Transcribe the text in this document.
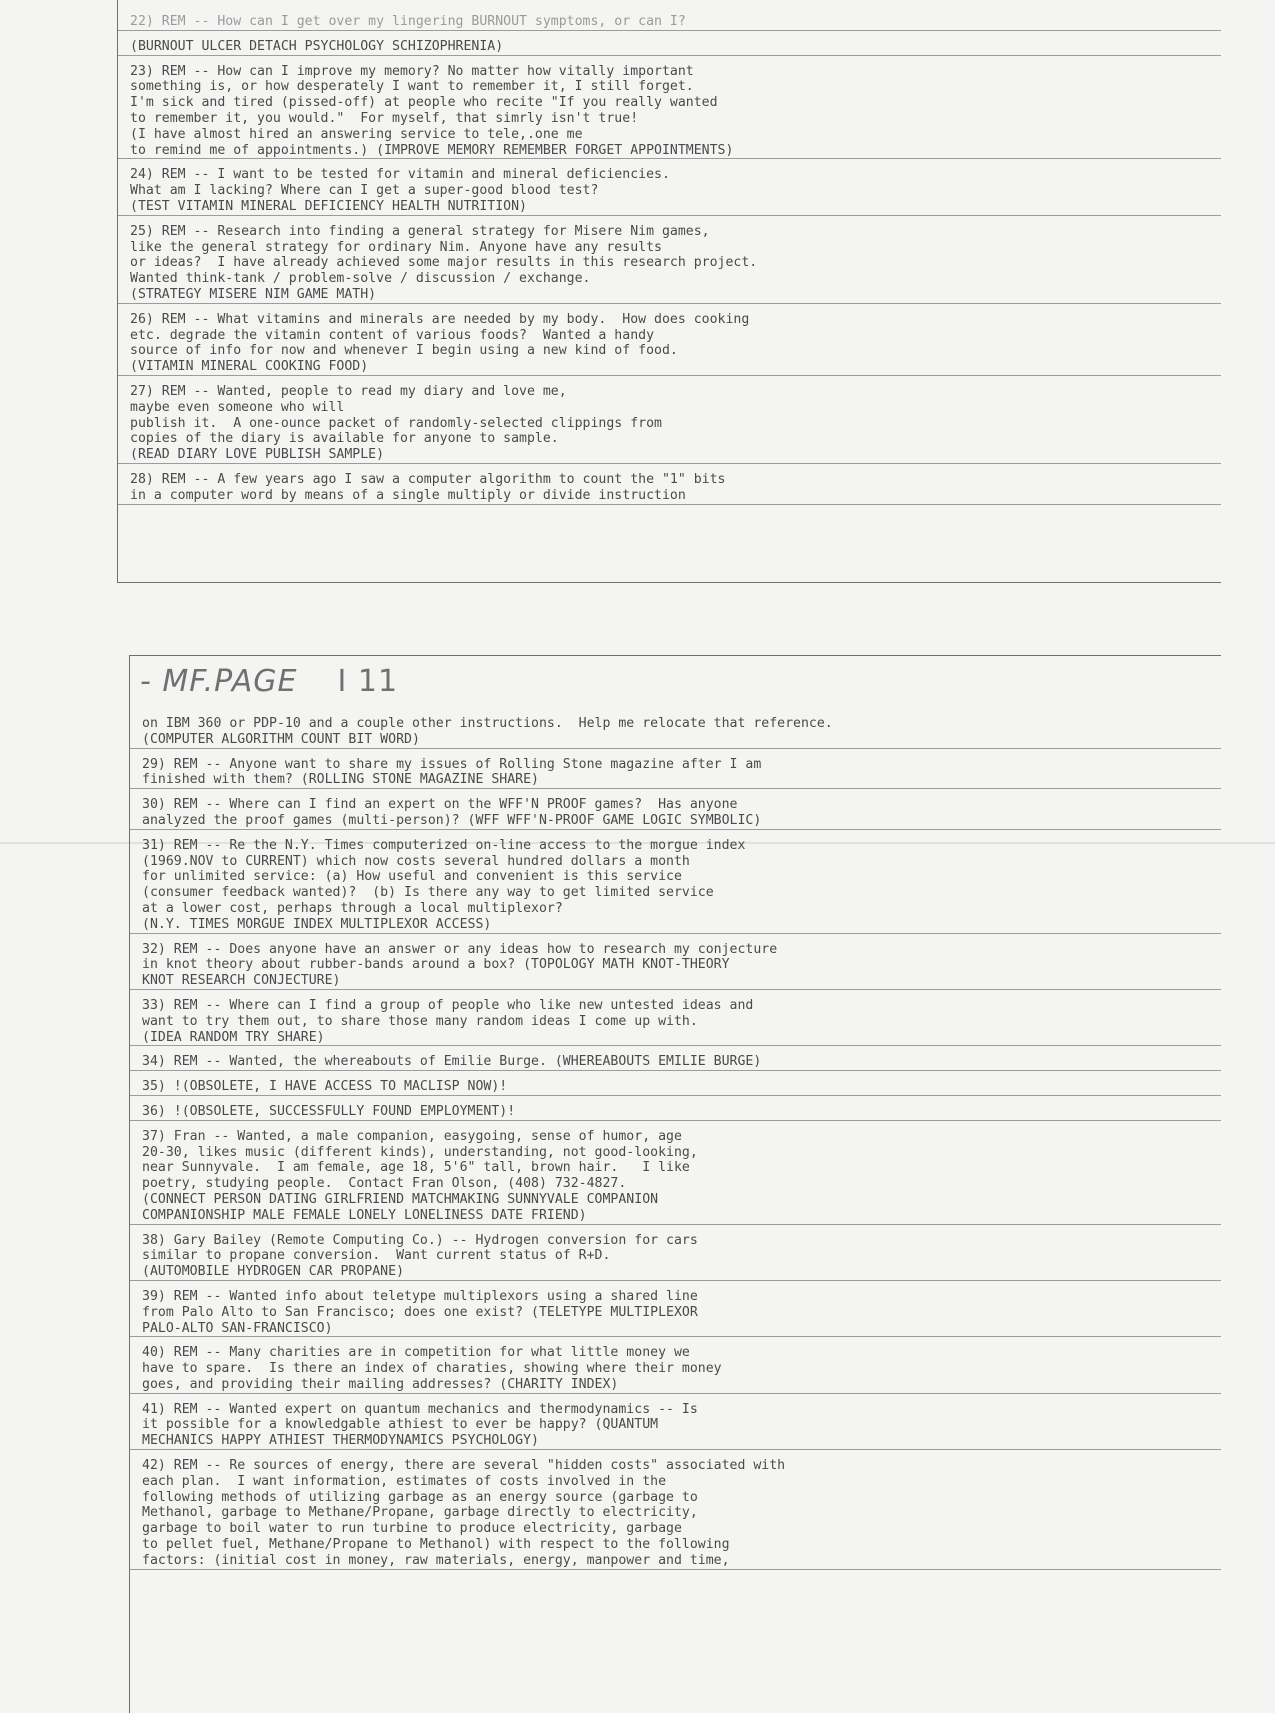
22) REM -- How can I get over my lingering BURNOUT symptoms, or can I?
(BURNOUT ULCER DETACH PSYCHOLOGY SCHIZOPHRENIA)
23) REM -- How can I improve my memory? No matter how vitally important
something is, or how desperately I want to remember it, I still forget.
I'm sick and tired (pissed-off) at people who recite "If you really wanted
to remember it, you would."  For myself, that simrly isn't true!
(I have almost hired an answering service to tele,.one me
to remind me of appointments.) (IMPROVE MEMORY REMEMBER FORGET APPOINTMENTS)
24) REM -- I want to be tested for vitamin and mineral deficiencies.
What am I lacking? Where can I get a super-good blood test?
(TEST VITAMIN MINERAL DEFICIENCY HEALTH NUTRITION)
25) REM -- Research into finding a general strategy for Misere Nim games,
like the general strategy for ordinary Nim. Anyone have any results
or ideas?  I have already achieved some major results in this research project.
Wanted think-tank / problem-solve / discussion / exchange.
(STRATEGY MISERE NIM GAME MATH)
26) REM -- What vitamins and minerals are needed by my body.  How does cooking
etc. degrade the vitamin content of various foods?  Wanted a handy
source of info for now and whenever I begin using a new kind of food.
(VITAMIN MINERAL COOKING FOOD)
27) REM -- Wanted, people to read my diary and love me,
maybe even someone who will
publish it.  A one-ounce packet of randomly-selected clippings from
copies of the diary is available for anyone to sample.
(READ DIARY LOVE PUBLISH SAMPLE)
28) REM -- A few years ago I saw a computer algorithm to count the "1" bits
in a computer word by means of a single multiply or divide instruction
- MF.PAGE I 11
on IBM 360 or PDP-10 and a couple other instructions.  Help me relocate that reference.
(COMPUTER ALGORITHM COUNT BIT WORD)
29) REM -- Anyone want to share my issues of Rolling Stone magazine after I am
finished with them? (ROLLING STONE MAGAZINE SHARE)
30) REM -- Where can I find an expert on the WFF'N PROOF games?  Has anyone
analyzed the proof games (multi-person)? (WFF WFF'N-PROOF GAME LOGIC SYMBOLIC)
31) REM -- Re the N.Y. Times computerized on-line access to the morgue index
(1969.NOV to CURRENT) which now costs several hundred dollars a month
for unlimited service: (a) How useful and convenient is this service
(consumer feedback wanted)?  (b) Is there any way to get limited service
at a lower cost, perhaps through a local multiplexor?
(N.Y. TIMES MORGUE INDEX MULTIPLEXOR ACCESS)
32) REM -- Does anyone have an answer or any ideas how to research my conjecture
in knot theory about rubber-bands around a box? (TOPOLOGY MATH KNOT-THEORY
KNOT RESEARCH CONJECTURE)
33) REM -- Where can I find a group of people who like new untested ideas and
want to try them out, to share those many random ideas I come up with.
(IDEA RANDOM TRY SHARE)
34) REM -- Wanted, the whereabouts of Emilie Burge. (WHEREABOUTS EMILIE BURGE)
35) !(OBSOLETE, I HAVE ACCESS TO MACLISP NOW)!
36) !(OBSOLETE, SUCCESSFULLY FOUND EMPLOYMENT)!
37) Fran -- Wanted, a male companion, easygoing, sense of humor, age
20-30, likes music (different kinds), understanding, not good-looking,
near Sunnyvale.  I am female, age 18, 5'6" tall, brown hair.   I like
poetry, studying people.  Contact Fran Olson, (408) 732-4827.
(CONNECT PERSON DATING GIRLFRIEND MATCHMAKING SUNNYVALE COMPANION
COMPANIONSHIP MALE FEMALE LONELY LONELINESS DATE FRIEND)
38) Gary Bailey (Remote Computing Co.) -- Hydrogen conversion for cars
similar to propane conversion.  Want current status of R+D.
(AUTOMOBILE HYDROGEN CAR PROPANE)
39) REM -- Wanted info about teletype multiplexors using a shared line
from Palo Alto to San Francisco; does one exist? (TELETYPE MULTIPLEXOR
PALO-ALTO SAN-FRANCISCO)
40) REM -- Many charities are in competition for what little money we
have to spare.  Is there an index of charaties, showing where their money
goes, and providing their mailing addresses? (CHARITY INDEX)
41) REM -- Wanted expert on quantum mechanics and thermodynamics -- Is
it possible for a knowledgable athiest to ever be happy? (QUANTUM
MECHANICS HAPPY ATHIEST THERMODYNAMICS PSYCHOLOGY)
42) REM -- Re sources of energy, there are several "hidden costs" associated with
each plan.  I want information, estimates of costs involved in the
following methods of utilizing garbage as an energy source (garbage to
Methanol, garbage to Methane/Propane, garbage directly to electricity,
garbage to boil water to run turbine to produce electricity, garbage
to pellet fuel, Methane/Propane to Methanol) with respect to the following
factors: (initial cost in money, raw materials, energy, manpower and time,
